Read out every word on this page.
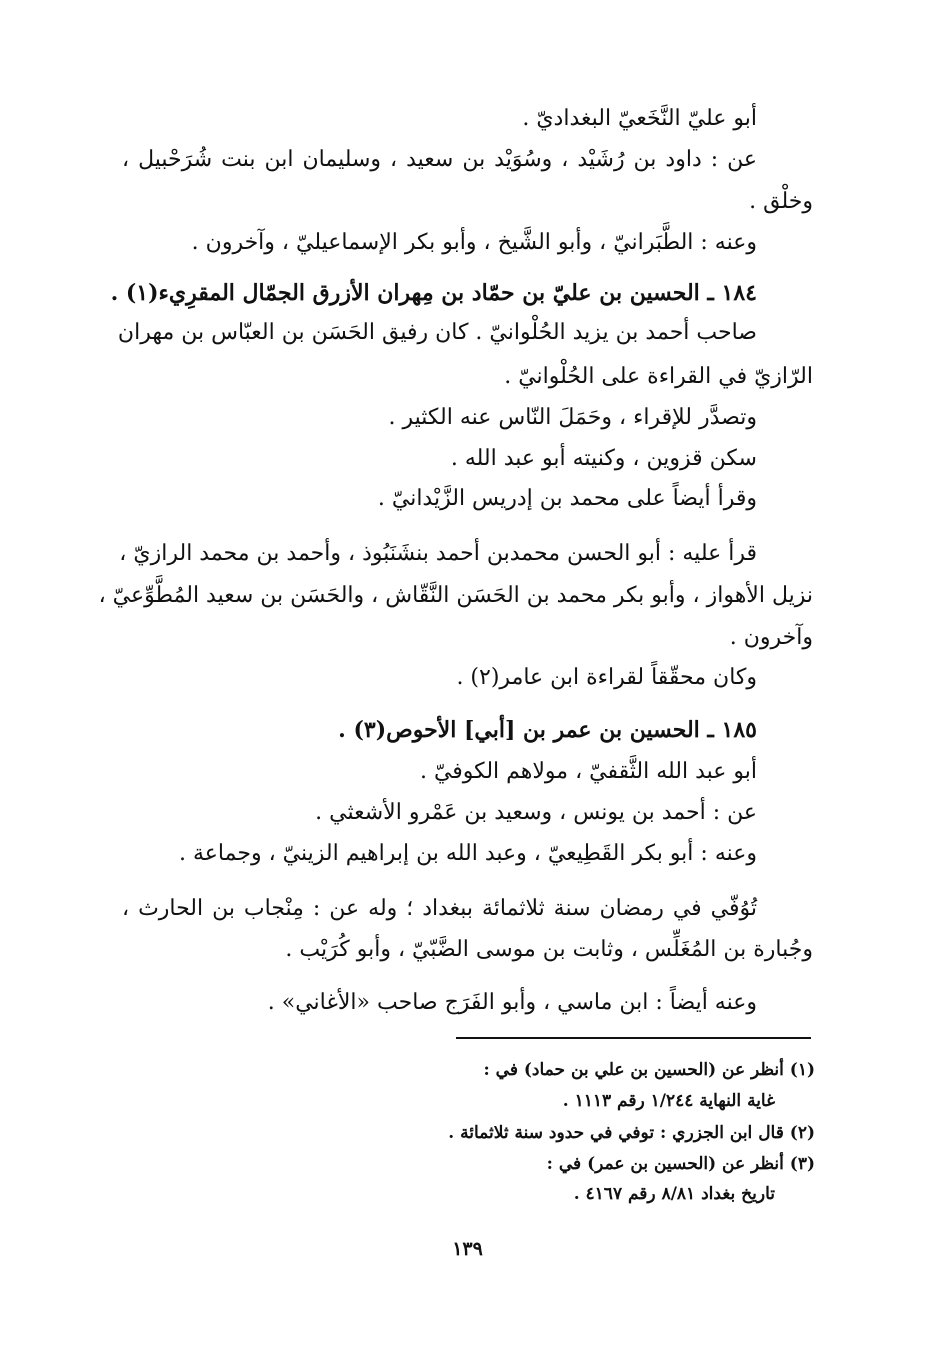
أبو عليّ النَّخَعيّ البغداديّ .
عن : داود بن رُشَيْد ، وسُوَيْد بن سعيد ، وسليمان ابن بنت شُرَحْبيل ،
وخلْق .
وعنه : الطَّبَرانيّ ، وأبو الشَّيخ ، وأبو بكر الإسماعيليّ ، وآخرون .
١٨٤ ـ الحسين بن عليّ بن حمّاد بن مِهران الأزرق الجمّال المقرِيء(١) .
صاحب أحمد بن يزيد الحُلْوانيّ . كان رفيق الحَسَن بن العبّاس بن مهران
الرّازيّ في القراءة على الحُلْوانيّ .
وتصدَّر للإقراء ، وحَمَلَ النّاس عنه الكثير .
سكن قزوين ، وكنيته أبو عبد الله .
وقرأ أيضاً على محمد بن إدريس الزَّيْدانيّ .
قرأ عليه : أبو الحسن محمدبن أحمد بنشَنَبُوذ ، وأحمد بن محمد الرازيّ ،
نزيل الأهواز ، وأبو بكر محمد بن الحَسَن النَّقّاش ، والحَسَن بن سعيد المُطَّوِّعيّ ،
وآخرون .
وكان محقّقاً لقراءة ابن عامر(٢) .
١٨٥ ـ الحسين بن عمر بن [أبي] الأحوص(٣) .
أبو عبد الله الثَّقفيّ ، مولاهم الكوفيّ .
عن : أحمد بن يونس ، وسعيد بن عَمْرو الأشعثي .
وعنه : أبو بكر القَطِيعيّ ، وعبد الله بن إبراهيم الزينيّ ، وجماعة .
تُوُفّي في رمضان سنة ثلاثمائة ببغداد ؛ وله عن : مِنْجاب بن الحارث ،
وجُبارة بن المُغَلِّس ، وثابت بن موسى الضَّبّيّ ، وأبو كُرَيْب .
وعنه أيضاً : ابن ماسي ، وأبو الفَرَج صاحب «الأغاني» .
(١) أنظر عن (الحسين بن علي بن حماد) في :
غاية النهاية ١/٢٤٤ رقم ١١١٣ .
(٢) قال ابن الجزري : توفي في حدود سنة ثلاثمائة .
(٣) أنظر عن (الحسين بن عمر) في :
تاريخ بغداد ٨/٨١ رقم ٤١٦٧ .
١٣٩
